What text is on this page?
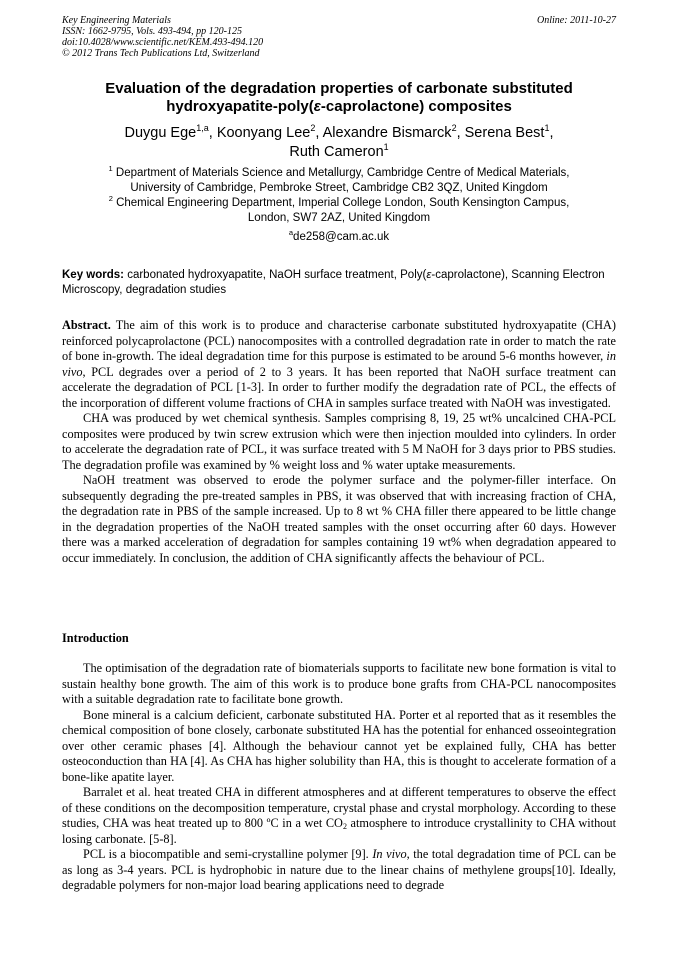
Key Engineering Materials
ISSN: 1662-9795, Vols. 493-494, pp 120-125
doi:10.4028/www.scientific.net/KEM.493-494.120
© 2012 Trans Tech Publications Ltd, Switzerland
Online: 2011-10-27
Evaluation of the degradation properties of carbonate substituted
hydroxyapatite-poly(ε-caprolactone) composites
Duygu Ege$^{1,a}$, Koonyang Lee$^2$, Alexandre Bismarck$^2$, Serena Best$^1$,
Ruth Cameron$^1$
$^1$ Department of Materials Science and Metallurgy, Cambridge Centre of Medical Materials,
University of Cambridge, Pembroke Street, Cambridge CB2 3QZ, United Kingdom
$^2$ Chemical Engineering Department, Imperial College London, South Kensington Campus,
London, SW7 2AZ, United Kingdom
$^a$de258@cam.ac.uk
Key words: carbonated hydroxyapatite, NaOH surface treatment, Poly(ε-caprolactone), Scanning Electron Microscopy, degradation studies

Abstract. The aim of this work is to produce and characterise carbonate substituted hydroxyapatite (CHA) reinforced polycaprolactone (PCL) nanocomposites with a controlled degradation rate in order to match the rate of bone in-growth. The ideal degradation time for this purpose is estimated to be around 5-6 months however, in vivo, PCL degrades over a period of 2 to 3 years. It has been reported that NaOH surface treatment can accelerate the degradation of PCL [1-3]. In order to further modify the degradation rate of PCL, the effects of the incorporation of different volume fractions of CHA in samples surface treated with NaOH was investigated.

CHA was produced by wet chemical synthesis. Samples comprising 8, 19, 25 wt% uncalcined CHA-PCL composites were produced by twin screw extrusion which were then injection moulded into cylinders. In order to accelerate the degradation rate of PCL, it was surface treated with 5 M NaOH for 3 days prior to PBS studies. The degradation profile was examined by % weight loss and % water uptake measurements.

NaOH treatment was observed to erode the polymer surface and the polymer-filler interface. On subsequently degrading the pre-treated samples in PBS, it was observed that with increasing fraction of CHA, the degradation rate in PBS of the sample increased. Up to 8 wt % CHA filler there appeared to be little change in the degradation properties of the NaOH treated samples with the onset occurring after 60 days. However there was a marked acceleration of degradation for samples containing 19 wt% when degradation appeared to occur immediately. In conclusion, the addition of CHA significantly affects the behaviour of PCL.

Introduction

The optimisation of the degradation rate of biomaterials supports to facilitate new bone formation is vital to sustain healthy bone growth. The aim of this work is to produce bone grafts from CHA-PCL nanocomposites with a suitable degradation rate to facilitate bone growth.

Bone mineral is a calcium deficient, carbonate substituted HA. Porter et al reported that as it resembles the chemical composition of bone closely, carbonate substituted HA has the potential for enhanced osseointegration over other ceramic phases [4]. Although the behaviour cannot yet be explained fully, CHA has better osteoconduction than HA [4]. As CHA has higher solubility than HA, this is thought to accelerate formation of a bone-like apatite layer.

Barralet et al. heat treated CHA in different atmospheres and at different temperatures to observe the effect of these conditions on the decomposition temperature, crystal phase and crystal morphology. According to these studies, CHA was heat treated up to 800 ºC in a wet $CO_2$ atmosphere to introduce crystallinity to CHA without losing carbonate. [5-8].

PCL is a biocompatible and semi-crystalline polymer [9]. In vivo, the total degradation time of PCL can be as long as 3-4 years. PCL is hydrophobic in nature due to the linear chains of methylene groups[10]. Ideally, degradable polymers for non-major load bearing applications need to degrade
